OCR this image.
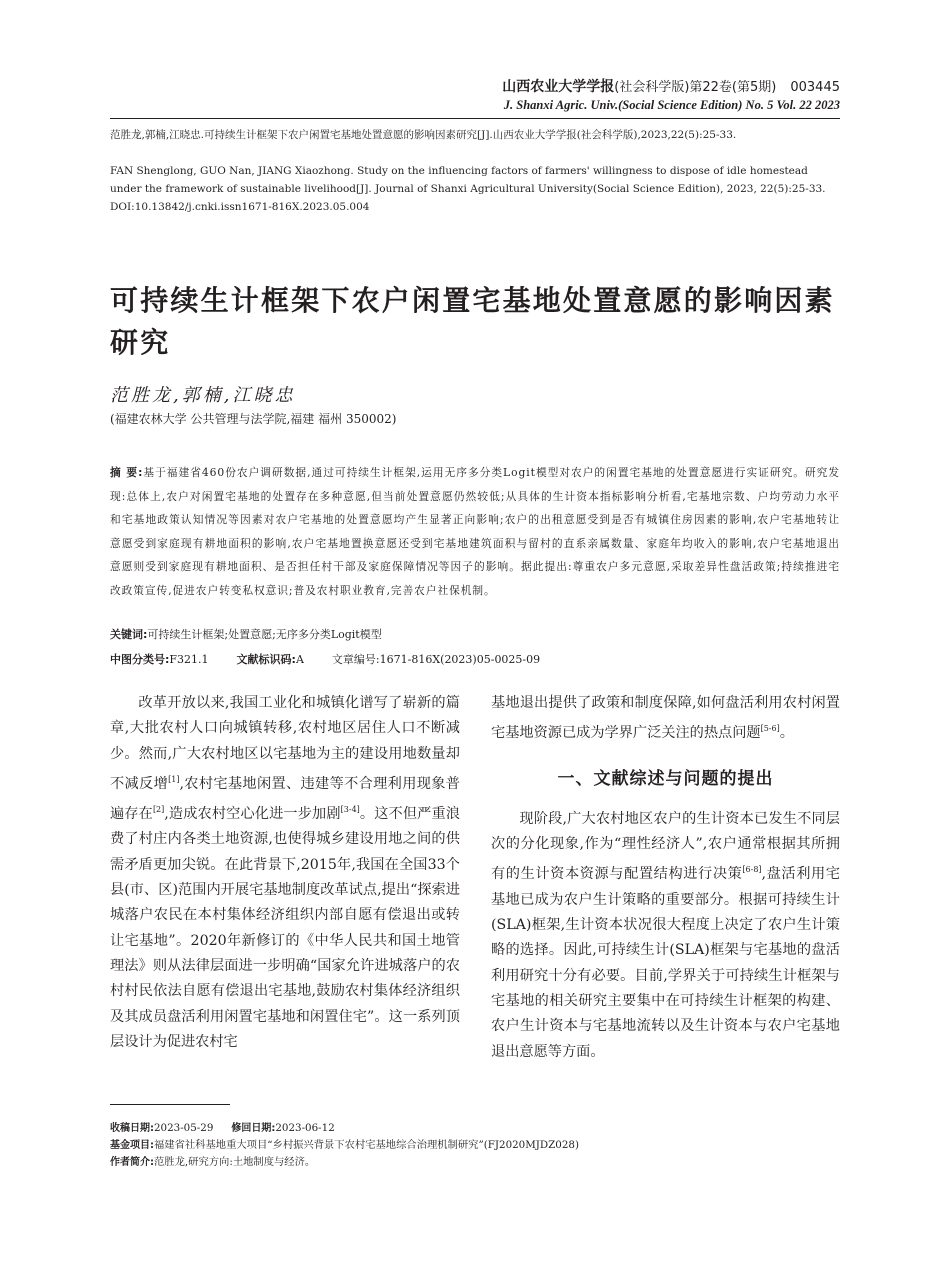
山西农业大学学报(社会科学版)第22卷(第5期) 003445
J. Shanxi Agric. Univ.(Social Science Edition) No. 5 Vol. 22 2023
范胜龙,郭楠,江晓忠.可持续生计框架下农户闲置宅基地处置意愿的影响因素研究[J].山西农业大学学报(社会科学版),2023,22(5):25-33.
FAN Shenglong, GUO Nan, JIANG Xiaozhong. Study on the influencing factors of farmers' willingness to dispose of idle homestead under the framework of sustainable livelihood[J]. Journal of Shanxi Agricultural University(Social Science Edition), 2023, 22(5):25-33.
DOI:10.13842/j.cnki.issn1671-816X.2023.05.004
可持续生计框架下农户闲置宅基地处置意愿的影响因素研究
范胜龙,郭楠,江晓忠
(福建农林大学 公共管理与法学院,福建 福州 350002)
摘 要:基于福建省460份农户调研数据,通过可持续生计框架,运用无序多分类Logit模型对农户的闲置宅基地的处置意愿进行实证研究。研究发现:总体上,农户对闲置宅基地的处置存在多种意愿,但当前处置意愿仍然较低;从具体的生计资本指标影响分析看,宅基地宗数、户均劳动力水平和宅基地政策认知情况等因素对农户宅基地的处置意愿均产生显著正向影响;农户的出租意愿受到是否有城镇住房因素的影响,农户宅基地转让意愿受到家庭现有耕地面积的影响,农户宅基地置换意愿还受到宅基地建筑面积与留村的直系亲属数量、家庭年均收入的影响,农户宅基地退出意愿则受到家庭现有耕地面积、是否担任村干部及家庭保障情况等因子的影响。据此提出:尊重农户多元意愿,采取差异性盘活政策;持续推进宅改政策宣传,促进农户转变私权意识;普及农村职业教育,完善农户社保机制。
关键词:可持续生计框架;处置意愿;无序多分类Logit模型
中图分类号:F321.1	文献标识码:A	文章编号:1671-816X(2023)05-0025-09

改革开放以来,我国工业化和城镇化谱写了崭新的篇章,大批农村人口向城镇转移,农村地区居住人口不断减少。然而,广大农村地区以宅基地为主的建设用地数量却不减反增[1],农村宅基地闲置、违建等不合理利用现象普遍存在[2],造成农村空心化进一步加剧[3-4]。这不但严重浪费了村庄内各类土地资源,也使得城乡建设用地之间的供需矛盾更加尖锐。在此背景下,2015年,我国在全国33个县(市、区)范围内开展宅基地制度改革试点,提出“探索进城落户农民在本村集体经济组织内部自愿有偿退出或转让宅基地”。2020年新修订的《中华人民共和国土地管理法》则从法律层面进一步明确“国家允许进城落户的农村村民依法自愿有偿退出宅基地,鼓励农村集体经济组织及其成员盘活利用闲置宅基地和闲置住宅”。这一系列顶层设计为促进农村宅

基地退出提供了政策和制度保障,如何盘活利用农村闲置宅基地资源已成为学界广泛关注的热点问题[5-6]。

一、文献综述与问题的提出

现阶段,广大农村地区农户的生计资本已发生不同层次的分化现象,作为“理性经济人”,农户通常根据其所拥有的生计资本资源与配置结构进行决策[6-8],盘活利用宅基地已成为农户生计策略的重要部分。根据可持续生计(SLA)框架,生计资本状况很大程度上决定了农户生计策略的选择。因此,可持续生计(SLA)框架与宅基地的盘活利用研究十分有必要。目前,学界关于可持续生计框架与宅基地的相关研究主要集中在可持续生计框架的构建、农户生计资本与宅基地流转以及生计资本与农户宅基地退出意愿等方面。

收稿日期:2023-05-29 修回日期:2023-06-12
基金项目:福建省社科基地重大项目“乡村振兴背景下农村宅基地综合治理机制研究”(FJ2020MJDZ028)
作者简介:范胜龙,研究方向:土地制度与经济。
